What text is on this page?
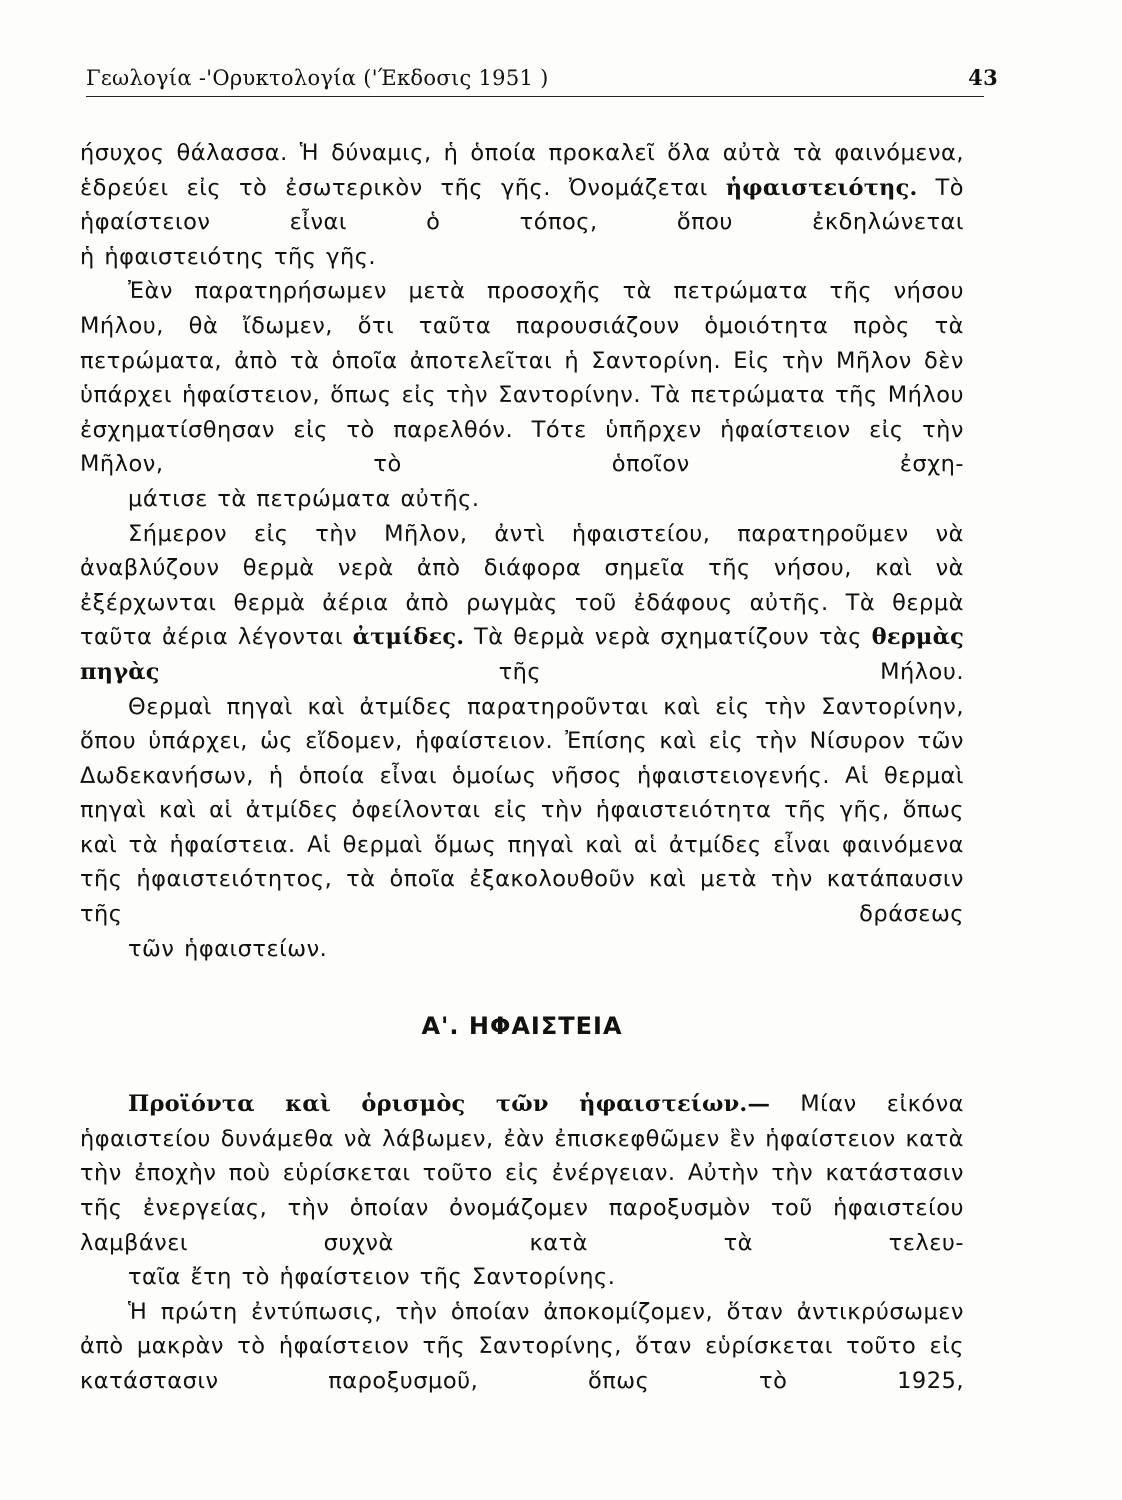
Γεωλογία -'Ορυκτολογία ('Έκδοσις 1951 )	43

ήσυχος θάλασσα. Ἡ δύναμις, ἡ ὁποία προκαλεῖ ὅλα αὐτὰ τὰ φαινόμενα, ἑδρεύει εἰς τὸ ἐσωτερικὸν τῆς γῆς. Ὀνομάζεται ἡφαιστειότης. Τὸ ἡφαίστειον εἶναι ὁ τόπος, ὅπου ἐκδηλώνεται
ἡ ἡφαιστειότης τῆς γῆς.

Ἐὰν παρατηρήσωμεν μετὰ προσοχῆς τὰ πετρώματα τῆς νήσου Μήλου, θὰ ἴδωμεν, ὅτι ταῦτα παρουσιάζουν ὁμοιότητα πρὸς τὰ πετρώματα, ἀπὸ τὰ ὁποῖα ἀποτελεῖται ἡ Σαντορίνη. Εἰς τὴν Μῆλον δὲν ὑπάρχει ἡφαίστειον, ὅπως εἰς τὴν Σαντορίνην. Τὰ πετρώματα τῆς Μήλου ἐσχηματίσθησαν εἰς τὸ παρελθόν. Τότε ὑπῆρχεν ἡφαίστειον εἰς τὴν Μῆλον, τὸ ὁποῖον ἐσχη-
μάτισε τὰ πετρώματα αὐτῆς.

Σήμερον εἰς τὴν Μῆλον, ἀντὶ ἡφαιστείου, παρατηροῦμεν νὰ ἀναβλύζουν θερμὰ νερὰ ἀπὸ διάφορα σημεῖα τῆς νήσου, καὶ νὰ ἐξέρχωνται θερμὰ ἀέρια ἀπὸ ρωγμὰς τοῦ ἐδάφους αὐτῆς. Τὰ θερμὰ ταῦτα ἀέρια λέγονται ἀτμίδες. Τὰ θερμὰ νερὰ σχηματίζουν τὰς θερμὰς πηγὰς τῆς Μήλου.

Θερμαὶ πηγαὶ καὶ ἀτμίδες παρατηροῦνται καὶ εἰς τὴν Σαντορίνην, ὅπου ὑπάρχει, ὡς εἴδομεν, ἡφαίστειον. Ἐπίσης καὶ εἰς τὴν Νίσυρον τῶν Δωδεκανήσων, ἡ ὁποία εἶναι ὁμοίως νῆσος ἡφαιστειογενής. Αἱ θερμαὶ πηγαὶ καὶ αἱ ἀτμίδες ὀφείλονται εἰς τὴν ἡφαιστειότητα τῆς γῆς, ὅπως καὶ τὰ ἡφαίστεια. Αἱ θερμαὶ ὅμως πηγαὶ καὶ αἱ ἀτμίδες εἶναι φαινόμενα τῆς ἡφαιστειότητος, τὰ ὁποῖα ἐξακολουθοῦν καὶ μετὰ τὴν κατάπαυσιν τῆς δράσεως
τῶν ἡφαιστείων.

Α'. ΗΦΑΙΣΤΕΙΑ

Προϊόντα καὶ ὁρισμὸς τῶν ἡφαιστείων.— Μίαν εἰκόνα ἡφαιστείου δυνάμεθα νὰ λάβωμεν, ἐὰν ἐπισκεφθῶμεν ἓν ἡφαίστειον κατὰ τὴν ἐποχὴν ποὺ εὑρίσκεται τοῦτο εἰς ἐνέργειαν. Αὐτὴν τὴν κατάστασιν τῆς ἐνεργείας, τὴν ὁποίαν ὀνομάζομεν παροξυσμὸν τοῦ ἡφαιστείου λαμβάνει συχνὰ κατὰ τὰ τελευ-
ταῖα ἔτη τὸ ἡφαίστειον τῆς Σαντορίνης.

Ἡ πρώτη ἐντύπωσις, τὴν ὁποίαν ἀποκομίζομεν, ὅταν ἀντικρύσωμεν ἀπὸ μακρὰν τὸ ἡφαίστειον τῆς Σαντορίνης, ὅταν εὑρίσκεται τοῦτο εἰς κατάστασιν παροξυσμοῦ, ὅπως τὸ 1925,
